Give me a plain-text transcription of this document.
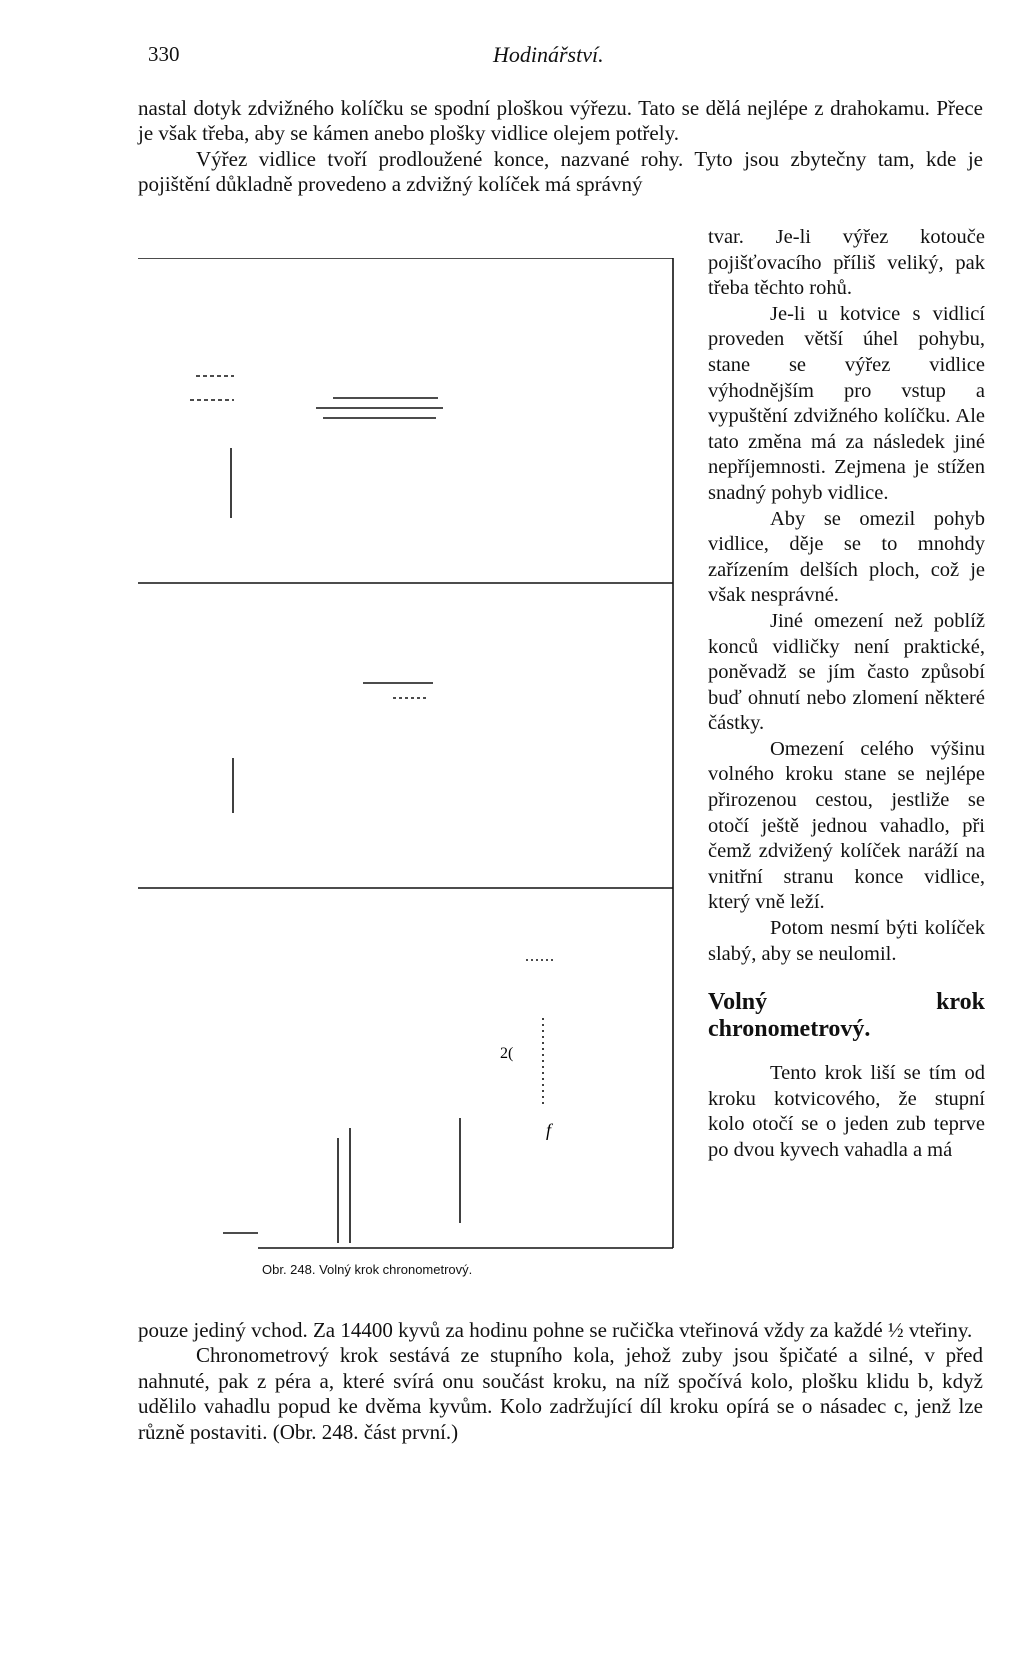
330	Hodinářství.

nastal dotyk zdvižného kolíčku se spodní ploškou výřezu. Tato se dělá nejlépe z drahokamu. Přece je však třeba, aby se kámen anebo plošky vidlice olejem potřely.

Výřez vidlice tvoří prodloužené konce, nazvané rohy. Tyto jsou zbytečny tam, kde je pojištění důkladně provedeno a zdvižný kolíček má správný

tvar. Je-li výřez kotouče pojišťovacího příliš veliký, pak třeba těchto rohů.

Je-li u kotvice s vidlicí proveden větší úhel pohybu, stane se výřez vidlice výhodnějším pro vstup a vypuštění zdvižného kolíčku. Ale tato změna má za následek jiné nepříjemnosti. Zejmena je stížen snadný pohyb vidlice.

Aby se omezil pohyb vidlice, děje se to mnohdy zařízením delších ploch, což je však nesprávné.

Jiné omezení než poblíž konců vidličky není praktické, poněvadž se jím často způsobí buď ohnutí nebo zlomení některé částky.

Omezení celého výšinu volného kroku stane se nejlépe přirozenou cestou, jestliže se otočí ještě jednou vahadlo, při čemž zdvižený kolíček naráží na vnitřní stranu konce vidlice, který vně leží.

Potom nesmí býti kolíček slabý, aby se neulomil.

Volný krok chronometrový.

Tento krok liší se tím od kroku kotvicového, že stupní kolo otočí se o jeden zub teprve po dvou kyvech vahadla a má

2(
f
Obr. 248. Volný krok chronometrový.

pouze jediný vchod. Za 14400 kyvů za hodinu pohne se ručička vteřinová vždy za každé ½ vteřiny.

Chronometrový krok sestává ze stupního kola, jehož zuby jsou špičaté a silné, v před nahnuté, pak z péra a, které svírá onu součást kroku, na níž spočívá kolo, plošku klidu b, když udělilo vahadlu popud ke dvěma kyvům. Kolo zadržující díl kroku opírá se o násadec c, jenž lze různě postaviti. (Obr. 248. část první.)
